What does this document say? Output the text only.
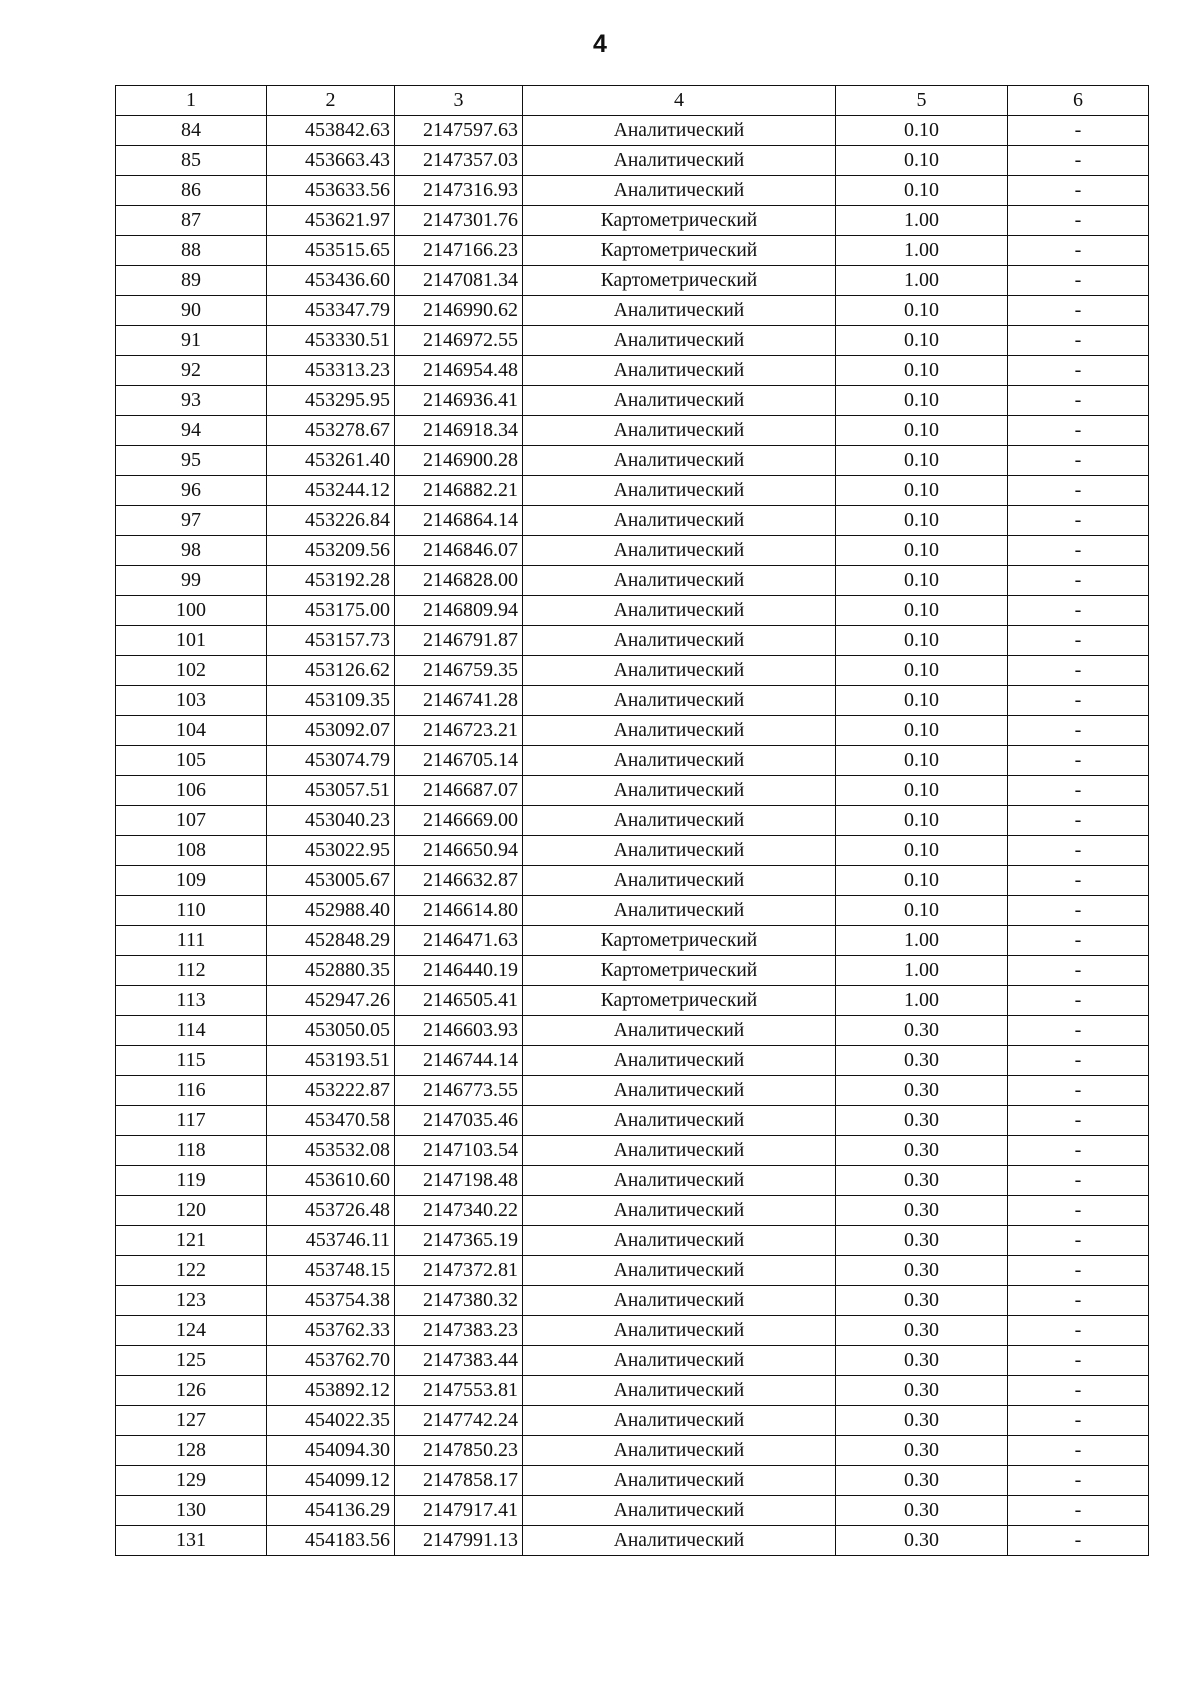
4
1	2	3	4	5	6
84	453842.63	2147597.63	Аналитический	0.10	-
85	453663.43	2147357.03	Аналитический	0.10	-
86	453633.56	2147316.93	Аналитический	0.10	-
87	453621.97	2147301.76	Картометрический	1.00	-
88	453515.65	2147166.23	Картометрический	1.00	-
89	453436.60	2147081.34	Картометрический	1.00	-
90	453347.79	2146990.62	Аналитический	0.10	-
91	453330.51	2146972.55	Аналитический	0.10	-
92	453313.23	2146954.48	Аналитический	0.10	-
93	453295.95	2146936.41	Аналитический	0.10	-
94	453278.67	2146918.34	Аналитический	0.10	-
95	453261.40	2146900.28	Аналитический	0.10	-
96	453244.12	2146882.21	Аналитический	0.10	-
97	453226.84	2146864.14	Аналитический	0.10	-
98	453209.56	2146846.07	Аналитический	0.10	-
99	453192.28	2146828.00	Аналитический	0.10	-
100	453175.00	2146809.94	Аналитический	0.10	-
101	453157.73	2146791.87	Аналитический	0.10	-
102	453126.62	2146759.35	Аналитический	0.10	-
103	453109.35	2146741.28	Аналитический	0.10	-
104	453092.07	2146723.21	Аналитический	0.10	-
105	453074.79	2146705.14	Аналитический	0.10	-
106	453057.51	2146687.07	Аналитический	0.10	-
107	453040.23	2146669.00	Аналитический	0.10	-
108	453022.95	2146650.94	Аналитический	0.10	-
109	453005.67	2146632.87	Аналитический	0.10	-
110	452988.40	2146614.80	Аналитический	0.10	-
111	452848.29	2146471.63	Картометрический	1.00	-
112	452880.35	2146440.19	Картометрический	1.00	-
113	452947.26	2146505.41	Картометрический	1.00	-
114	453050.05	2146603.93	Аналитический	0.30	-
115	453193.51	2146744.14	Аналитический	0.30	-
116	453222.87	2146773.55	Аналитический	0.30	-
117	453470.58	2147035.46	Аналитический	0.30	-
118	453532.08	2147103.54	Аналитический	0.30	-
119	453610.60	2147198.48	Аналитический	0.30	-
120	453726.48	2147340.22	Аналитический	0.30	-
121	453746.11	2147365.19	Аналитический	0.30	-
122	453748.15	2147372.81	Аналитический	0.30	-
123	453754.38	2147380.32	Аналитический	0.30	-
124	453762.33	2147383.23	Аналитический	0.30	-
125	453762.70	2147383.44	Аналитический	0.30	-
126	453892.12	2147553.81	Аналитический	0.30	-
127	454022.35	2147742.24	Аналитический	0.30	-
128	454094.30	2147850.23	Аналитический	0.30	-
129	454099.12	2147858.17	Аналитический	0.30	-
130	454136.29	2147917.41	Аналитический	0.30	-
131	454183.56	2147991.13	Аналитический	0.30	-
